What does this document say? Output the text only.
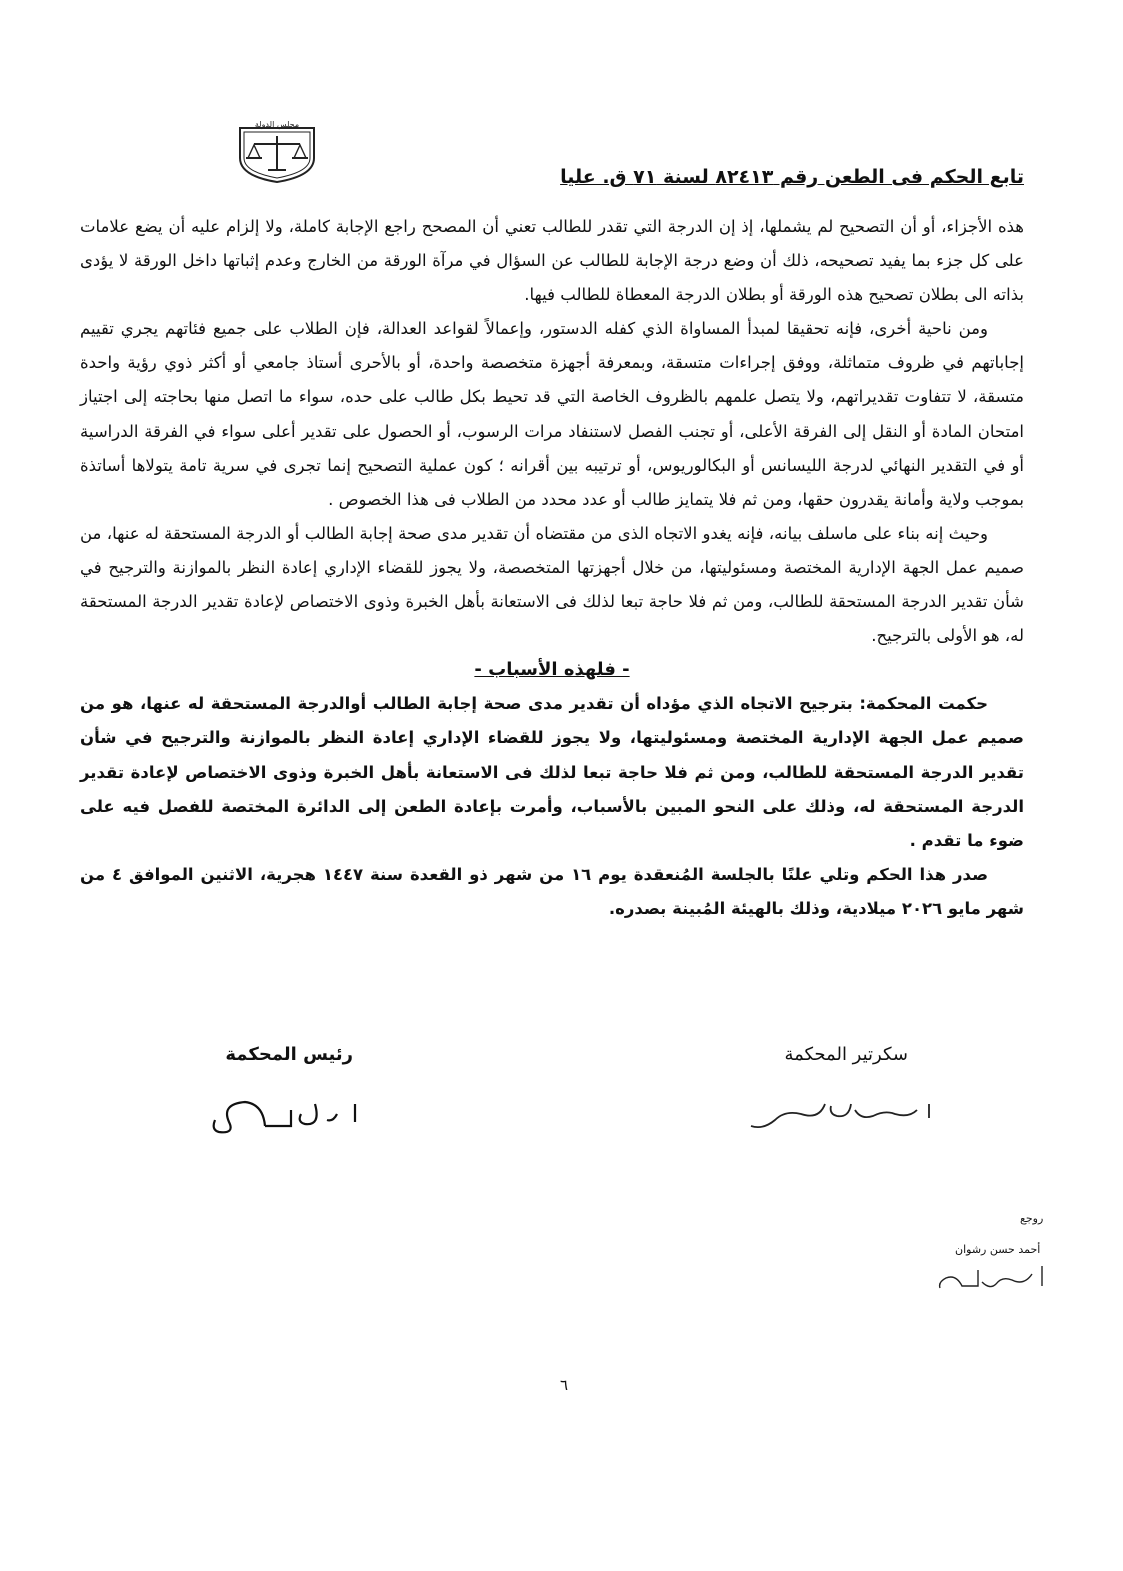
مجلس الدولة
تابع الحكم فى الطعن رقم ٨٢٤١٣ لسنة ٧١ ق. عليا

هذه الأجزاء، أو أن التصحيح لم يشملها، إذ إن الدرجة التي تقدر للطالب تعني أن المصحح راجع الإجابة كاملة، ولا إلزام عليه أن يضع علامات على كل جزء بما يفيد تصحيحه، ذلك أن وضع درجة الإجابة للطالب عن السؤال في مرآة الورقة من الخارج وعدم إثباتها داخل الورقة لا يؤدى بذاته الى بطلان تصحيح هذه الورقة أو بطلان الدرجة المعطاة للطالب فيها.

ومن ناحية أخرى، فإنه تحقيقا لمبدأ المساواة الذي كفله الدستور، وإعمالاً لقواعد العدالة، فإن الطلاب على جميع فئاتهم يجري تقييم إجاباتهم في ظروف متماثلة، ووفق إجراءات متسقة، وبمعرفة أجهزة متخصصة واحدة، أو بالأحرى أستاذ جامعي أو أكثر ذوي رؤية واحدة متسقة، لا تتفاوت تقديراتهم، ولا يتصل علمهم بالظروف الخاصة التي قد تحيط بكل طالب على حده، سواء ما اتصل منها بحاجته إلى اجتياز امتحان المادة أو النقل إلى الفرقة الأعلى، أو تجنب الفصل لاستنفاد مرات الرسوب، أو الحصول على تقدير أعلى سواء في الفرقة الدراسية أو في التقدير النهائي لدرجة الليسانس أو البكالوريوس، أو ترتيبه بين أقرانه ؛ كون عملية التصحيح إنما تجرى في سرية تامة يتولاها أساتذة بموجب ولاية وأمانة يقدرون حقها، ومن ثم فلا يتمايز طالب أو عدد محدد من الطلاب فى هذا الخصوص .

وحيث إنه بناء على ماسلف بيانه، فإنه يغدو الاتجاه الذى من مقتضاه أن تقدير مدى صحة إجابة الطالب أو الدرجة المستحقة له عنها، من صميم عمل الجهة الإدارية المختصة ومسئوليتها، من خلال أجهزتها المتخصصة، ولا يجوز للقضاء الإداري إعادة النظر بالموازنة والترجيح في شأن تقدير الدرجة المستحقة للطالب، ومن ثم فلا حاجة تبعا لذلك فى الاستعانة بأهل الخبرة وذوى الاختصاص لإعادة تقدير الدرجة المستحقة له، هو الأولى بالترجيح.

- فلهذه الأسباب -

حكمت المحكمة: بترجيح الاتجاه الذي مؤداه أن تقدير مدى صحة إجابة الطالب أوالدرجة المستحقة له عنها، هو من صميم عمل الجهة الإدارية المختصة ومسئوليتها، ولا يجوز للقضاء الإداري إعادة النظر بالموازنة والترجيح في شأن تقدير الدرجة المستحقة للطالب، ومن ثم فلا حاجة تبعا لذلك فى الاستعانة بأهل الخبرة وذوى الاختصاص لإعادة تقدير الدرجة المستحقة له، وذلك على النحو المبين بالأسباب، وأمرت بإعادة الطعن إلى الدائرة المختصة للفصل فيه على ضوء ما تقدم .

صدر هذا الحكم وتلي علنًا بالجلسة المُنعقدة يوم ١٦ من شهر ذو القعدة سنة ١٤٤٧ هجرية، الاثنين الموافق ٤ من شهر مايو ٢٠٢٦ ميلادية، وذلك بالهيئة المُبينة بصدره.

رئيس المحكمة	سكرتير المحكمة
روجع
أحمد حسن رشوان
٦
